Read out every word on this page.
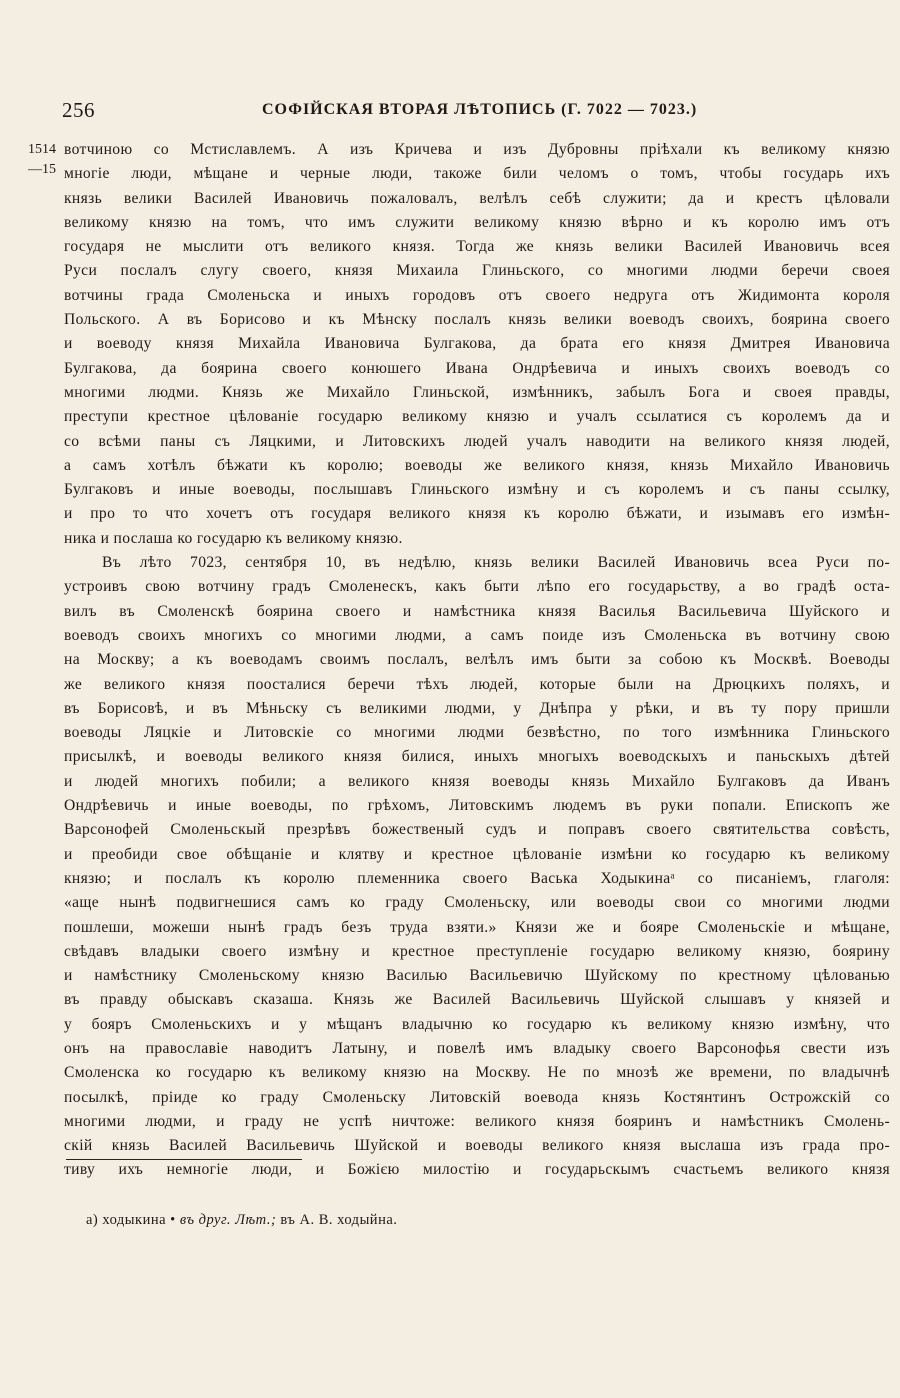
256	СОФІЙСКАЯ ВТОРАЯ ЛѢТОПИСЬ (Г. 7022 — 7023.)
1514
—15
вотчиною со Мстиславлемъ. А изъ Кричева и изъ Дубровны пріѣхали къ великому князю
многіе люди, мѣщане и черные люди, такоже били челомъ о томъ, чтобы государь ихъ
князь велики Василей Ивановичь пожаловалъ, велѣлъ себѣ служити; да и крестъ цѣловали
великому князю на томъ, что имъ служити великому князю вѣрно и къ королю имъ отъ
государя не мыслити отъ великого князя. Тогда же князь велики Василей Ивановичь всея
Руси послалъ слугу своего, князя Михаила Глиньского, со многими людми беречи своея
вотчины града Смоленьска и иныхъ городовъ отъ своего недруга отъ Жидимонта короля
Польского. А въ Борисово и къ Мѣнску послалъ князь велики воеводъ своихъ, боярина своего
и воеводу князя Михайла Ивановича Булгакова, да брата его князя Дмитрея Ивановича
Булгакова, да боярина своего конюшего Ивана Ондрѣевича и иныхъ своихъ воеводъ со
многими людми. Князь же Михайло Глиньской, измѣнникъ, забылъ Бога и своея правды,
преступи крестное цѣлованіе государю великому князю и учалъ ссылатися съ королемъ да и
со всѣми паны съ Ляцкими, и Литовскихъ людей учалъ наводити на великого князя людей,
а самъ хотѣлъ бѣжати къ королю; воеводы же великого князя, князь Михайло Ивановичь
Булгаковъ и иные воеводы, послышавъ Глиньского измѣну и съ королемъ и съ паны ссылку,
и про то что хочетъ отъ государя великого князя къ королю бѣжати, и изымавъ его измѣн-
ника и послаша ко государю къ великому князю.
Въ лѣто 7023, сентября 10, въ недѣлю, князь велики Василей Ивановичь всеа Руси по-
устроивъ свою вотчину градъ Смоленескъ, какъ быти лѣпо его государьству, а во градѣ оста-
вилъ въ Смоленскѣ боярина своего и намѣстника князя Василья Васильевича Шуйского и
воеводъ своихъ многихъ со многими людми, а самъ поиде изъ Смоленьска въ вотчину свою
на Москву; а къ воеводамъ своимъ послалъ, велѣлъ имъ быти за собою къ Москвѣ. Воеводы
же великого князя поосталися беречи тѣхъ людей, которые были на Дрюцкихъ поляхъ, и
въ Борисовѣ, и въ Мѣньску съ великими людми, у Днѣпра у рѣки, и въ ту пору пришли
воеводы Ляцкіе и Литовскіе со многими людми безвѣстно, по того измѣнника Глиньского
присылкѣ, и воеводы великого князя билися, иныхъ многыхъ воеводскыхъ и паньскыхъ дѣтей
и людей многихъ побили; а великого князя воеводы князь Михайло Булгаковъ да Иванъ
Ондрѣевичь и иные воеводы, по грѣхомъ, Литовскимъ людемъ въ руки попали. Епископъ же
Варсонофей Смоленьскый презрѣвъ божественый судъ и поправъ своего святительства совѣсть,
и преобиди свое обѣщаніе и клятву и крестное цѣлованіе измѣни ко государю къ великому
князю; и послалъ къ королю племенника своего Васька Ходыкинаᵃ со писаніемъ, глаголя:
«аще нынѣ подвигнешися самъ ко граду Смоленьску, или воеводы свои со многими людми
пошлеши, можеши нынѣ градъ безъ труда взяти.» Князи же и бояре Смоленьскіе и мѣщане,
свѣдавъ владыки своего измѣну и крестное преступленіе государю великому князю, боярину
и намѣстнику Смоленьскому князю Василью Васильевичю Шуйскому по крестному цѣлованью
въ правду обыскавъ сказаша. Князь же Василей Васильевичь Шуйской слышавъ у князей и
у бояръ Смоленьскихъ и у мѣщанъ владычню ко государю къ великому князю измѣну, что
онъ на православіе наводитъ Латыну, и повелѣ имъ владыку своего Варсонофья свести изъ
Смоленска ко государю къ великому князю на Москву. Не по мнозѣ же времени, по владычнѣ
посылкѣ, пріиде ко граду Смоленьску Литовскій воевода князь Костянтинъ Острожскій со
многими людми, и граду не успѣ ничтоже: великого князя бояринъ и намѣстникъ Смолень-
скій князь Василей Васильевичь Шуйской и воеводы великого князя выслаша изъ града про-
тиву ихъ немногіе люди, и Божією милостію и государьскымъ счастьемъ великого князя
а) ходыкина • въ друг. Лѣт.; въ А. В. ходыйна.
